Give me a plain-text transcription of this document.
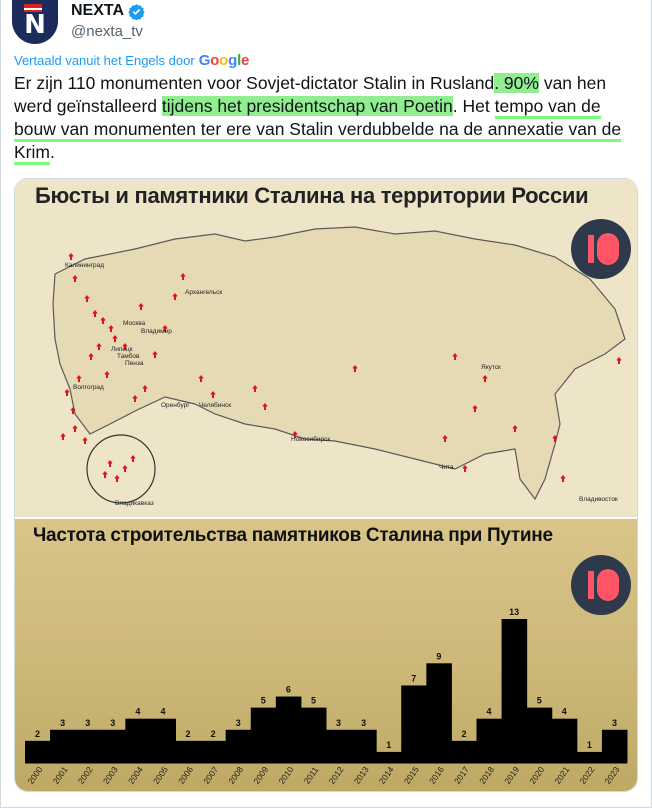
N	NEXTA
@nexta_tv
Vertaald vanuit het Engels door Google
Er zijn 110 monumenten voor Sovjet-dictator Stalin in Rusland. 90% van hen werd geïnstalleerd tijdens het presidentschap van Poetin. Het tempo van de bouw van monumenten ter ere van Stalin verdubbelde na de annexatie van de Krim.
Бюсты и памятники Сталина на территории России
Калининград
Архангельск
Москва
Владимир
Липецк
Тамбов
Пенза
Волгоград
Оренбург Челябинск
Новосибирск
Якутск
Чита
Владикавказ
Владивосток
Частота строительства памятников Сталина при Путине
2
3 3 3
4 4
2 2
3
5
6
5
3 3
1
7
9
2
4
13
5
4
1
3
2000 2001 2002 2003 2004 2005 2006 2007 2008 2009 2010 2011 2012 2013 2014 2015 2016 2017 2018 2019 2020 2021 2022 2023
